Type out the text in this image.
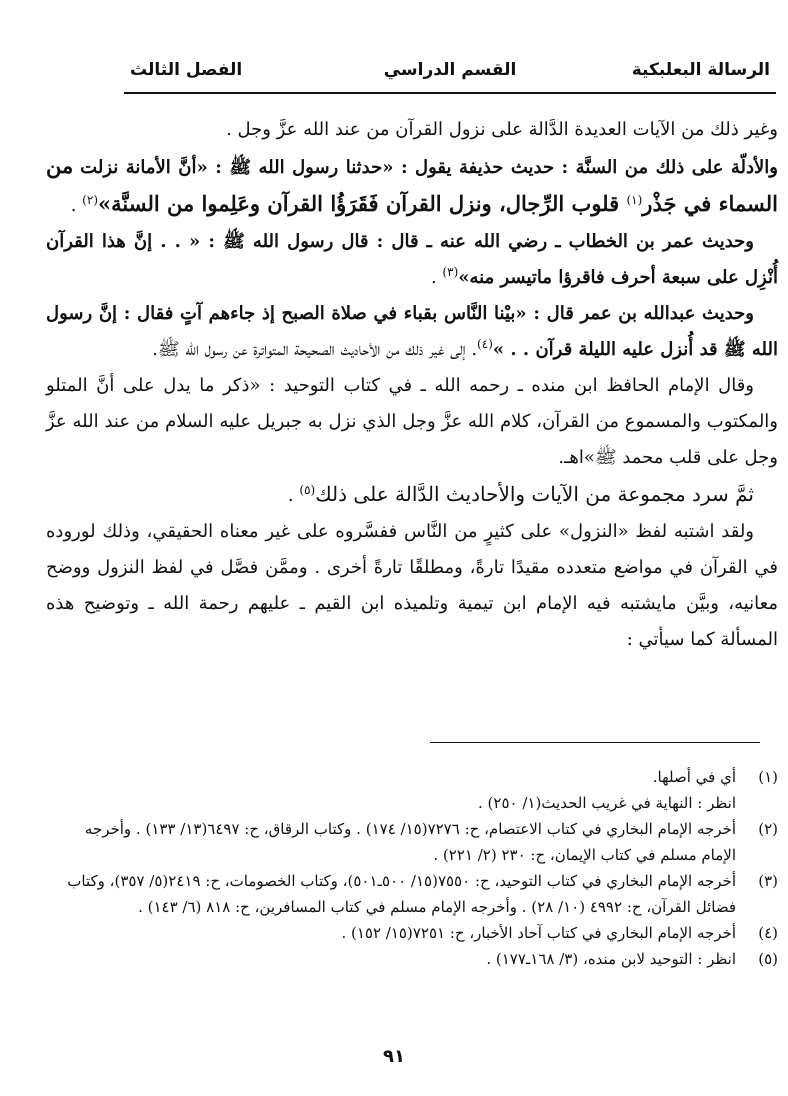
الرسالة البعلبكية
القسم الدراسي
الفصل الثالث

وغير ذلك من الآيات العديدة الدَّالة على نزول القرآن من عند الله عزَّ وجل .

والأدلّة على ذلك من السنَّة : حديث حذيفة يقول : «حدثنا رسول الله ﷺ : «أنَّ الأمانة نزلت من السماء في جَذْر$^{(١)}$ قلوب الرِّجال، ونزل القرآن فَقَرَؤُا القرآن وعَلِموا من السنَّة»$^{(٢)}$ .

وحديث عمر بن الخطاب ـ رضي الله عنه ـ قال : قال رسول الله ﷺ : « . . إنَّ هذا القرآن أُنْزِل على سبعة أحرف فاقرؤا ماتيسر منه»$^{(٣)}$ .

وحديث عبدالله بن عمر قال : «بيْنا النَّاس بقباء في صلاة الصبح إذ جاءهم آتٍ فقال : إنَّ رسول الله ﷺ قد أُنزل عليه الليلة قرآن . . »$^{(٤)}$. إلى غير ذلك من الأحاديث الصحيحة المتواترة عن رسول الله ﷺ.

وقال الإمام الحافظ ابن منده ـ رحمه الله ـ في كتاب التوحيد : «ذكر ما يدل على أنَّ المتلو والمكتوب والمسموع من القرآن، كلام الله عزَّ وجل الذي نزل به جبريل عليه السلام من عند الله عزَّ وجل على قلب محمد ﷺ»اهـ.

ثمَّ سرد مجموعة من الآيات والأحاديث الدَّالة على ذلك$^{(٥)}$ .

ولقد اشتبه لفظ «النزول» على كثيرٍ من النَّاس ففسَّروه على غير معناه الحقيقي، وذلك لوروده في القرآن في مواضع متعدده مقيدًا تارةً، ومطلقًا تارةً أخرى . وممَّن فصَّل في لفظ النزول ووضح معانيه، وبيَّن مايشتبه فيه الإمام ابن تيمية وتلميذه ابن القيم ـ عليهم رحمة الله ـ وتوضيح هذه المسألة كما سيأتي :

(١)

أي في أصلها.

انظر : النهاية في غريب الحديث(١/ ٢٥٠) .

(٢)

أخرجه الإمام البخاري في كتاب الاعتصام، ح: ٧٢٧٦(١٥/ ١٧٤) . وكتاب الرقاق، ح: ٦٤٩٧(١٣/ ١٣٣) . وأخرجه الإمام مسلم في كتاب الإيمان، ح: ٢٣٠ (٢/ ٢٢١) .

(٣)

أخرجه الإمام البخاري في كتاب التوحيد، ح: ٧٥٥٠(١٥/ ٥٠٠ـ٥٠١)، وكتاب الخصومات، ح: ٢٤١٩(٥/ ٣٥٧)، وكتاب فضائل القرآن، ح: ٤٩٩٢ (١٠/ ٢٨) . وأخرجه الإمام مسلم في كتاب المسافرين، ح: ٨١٨ (٦/ ١٤٣) .

(٤)

أخرجه الإمام البخاري في كتاب آحاد الأخبار، ح: ٧٢٥١(١٥/ ١٥٢) .

(٥)

انظر : التوحيد لابن منده، (٣/ ١٦٨ـ١٧٧) .

٩١
